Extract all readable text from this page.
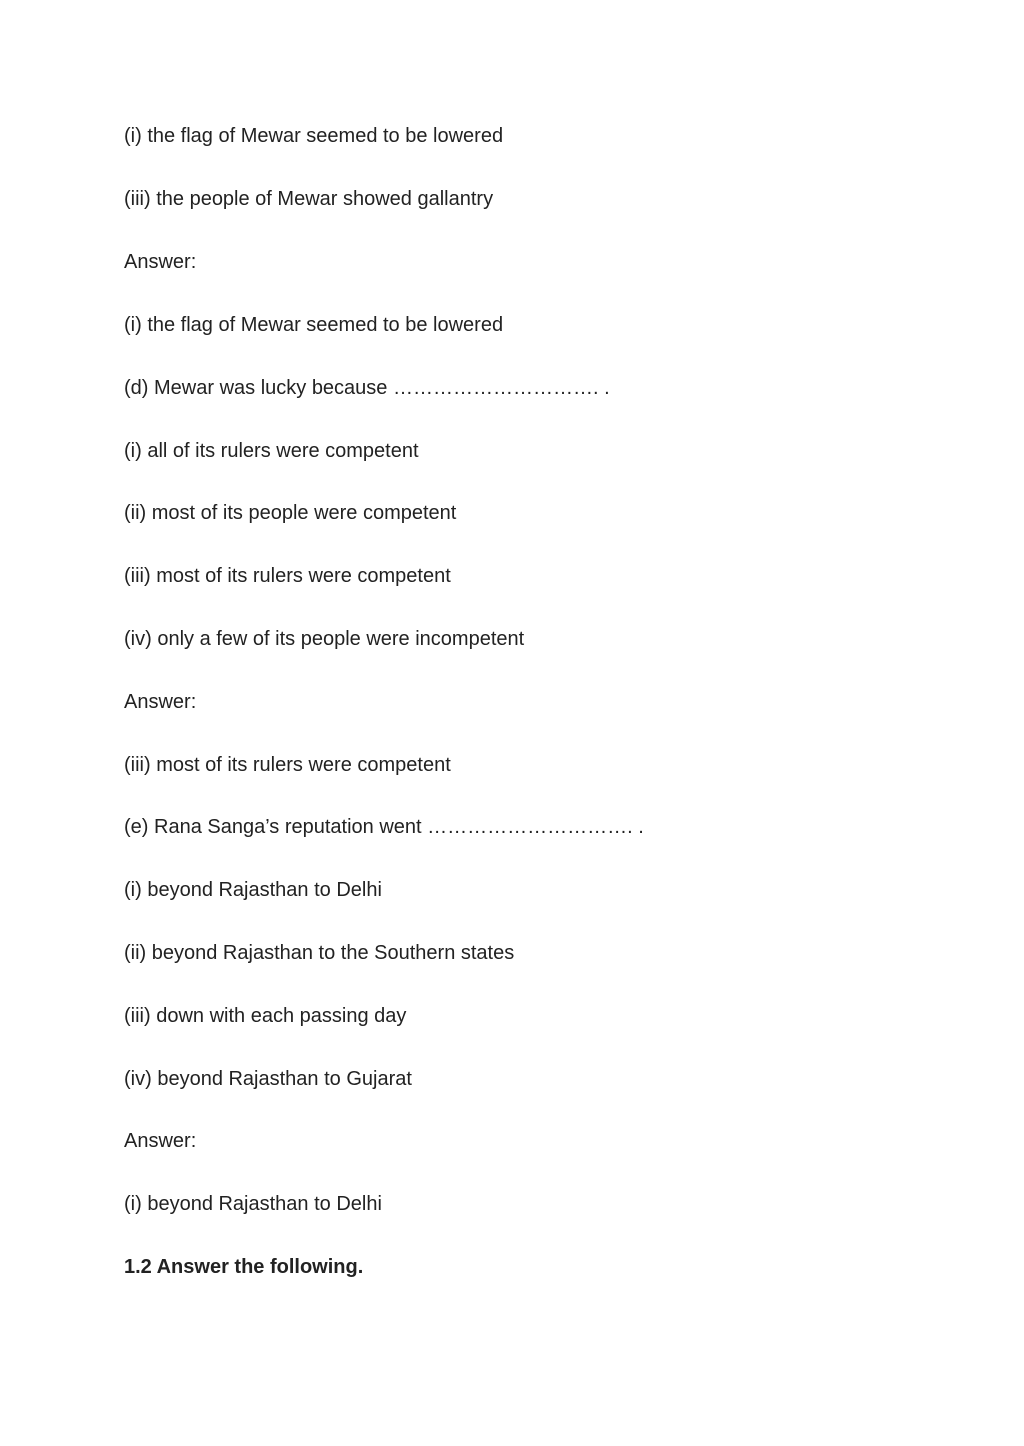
(i) the flag of Mewar seemed to be lowered
(iii) the people of Mewar showed gallantry
Answer:
(i) the flag of Mewar seemed to be lowered
(d) Mewar was lucky because …………………………. .
(i) all of its rulers were competent
(ii) most of its people were competent
(iii) most of its rulers were competent
(iv) only a few of its people were incompetent
Answer:
(iii) most of its rulers were competent
(e) Rana Sanga’s reputation went …………………………. .
(i) beyond Rajasthan to Delhi
(ii) beyond Rajasthan to the Southern states
(iii) down with each passing day
(iv) beyond Rajasthan to Gujarat
Answer:
(i) beyond Rajasthan to Delhi
1.2 Answer the following.
